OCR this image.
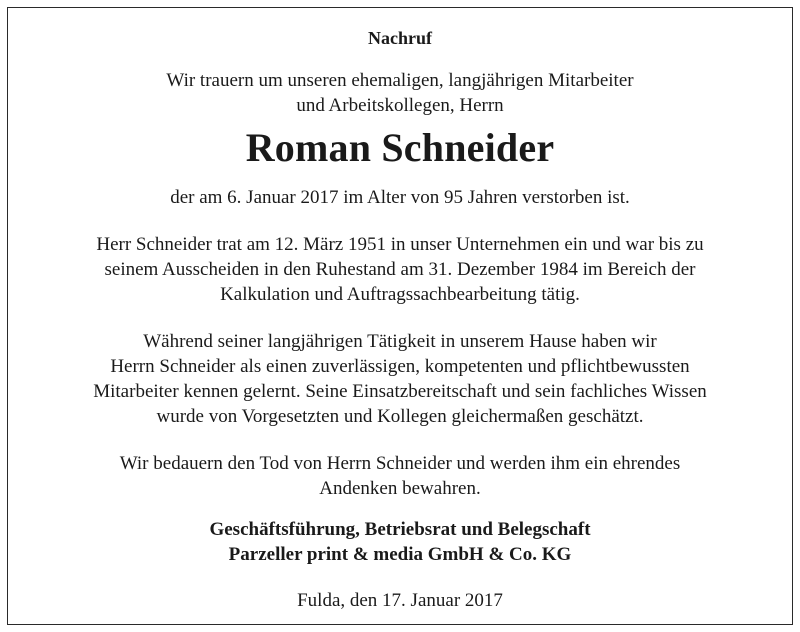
Nachruf

Wir trauern um unseren ehemaligen, langjährigen Mitarbeiter

und Arbeitskollegen, Herrn

Roman Schneider

der am 6. Januar 2017 im Alter von 95 Jahren verstorben ist.

Herr Schneider trat am 12. März 1951 in unser Unternehmen ein und war bis zu

seinem Ausscheiden in den Ruhestand am 31. Dezember 1984 im Bereich der

Kalkulation und Auftragssachbearbeitung tätig.

Während seiner langjährigen Tätigkeit in unserem Hause haben wir

Herrn Schneider als einen zuverlässigen, kompetenten und pflichtbewussten

Mitarbeiter kennen gelernt. Seine Einsatzbereitschaft und sein fachliches Wissen

wurde von Vorgesetzten und Kollegen gleichermaßen geschätzt.

Wir bedauern den Tod von Herrn Schneider und werden ihm ein ehrendes

Andenken bewahren.

Geschäftsführung, Betriebsrat und Belegschaft

Parzeller print & media GmbH & Co. KG

Fulda, den 17. Januar 2017
